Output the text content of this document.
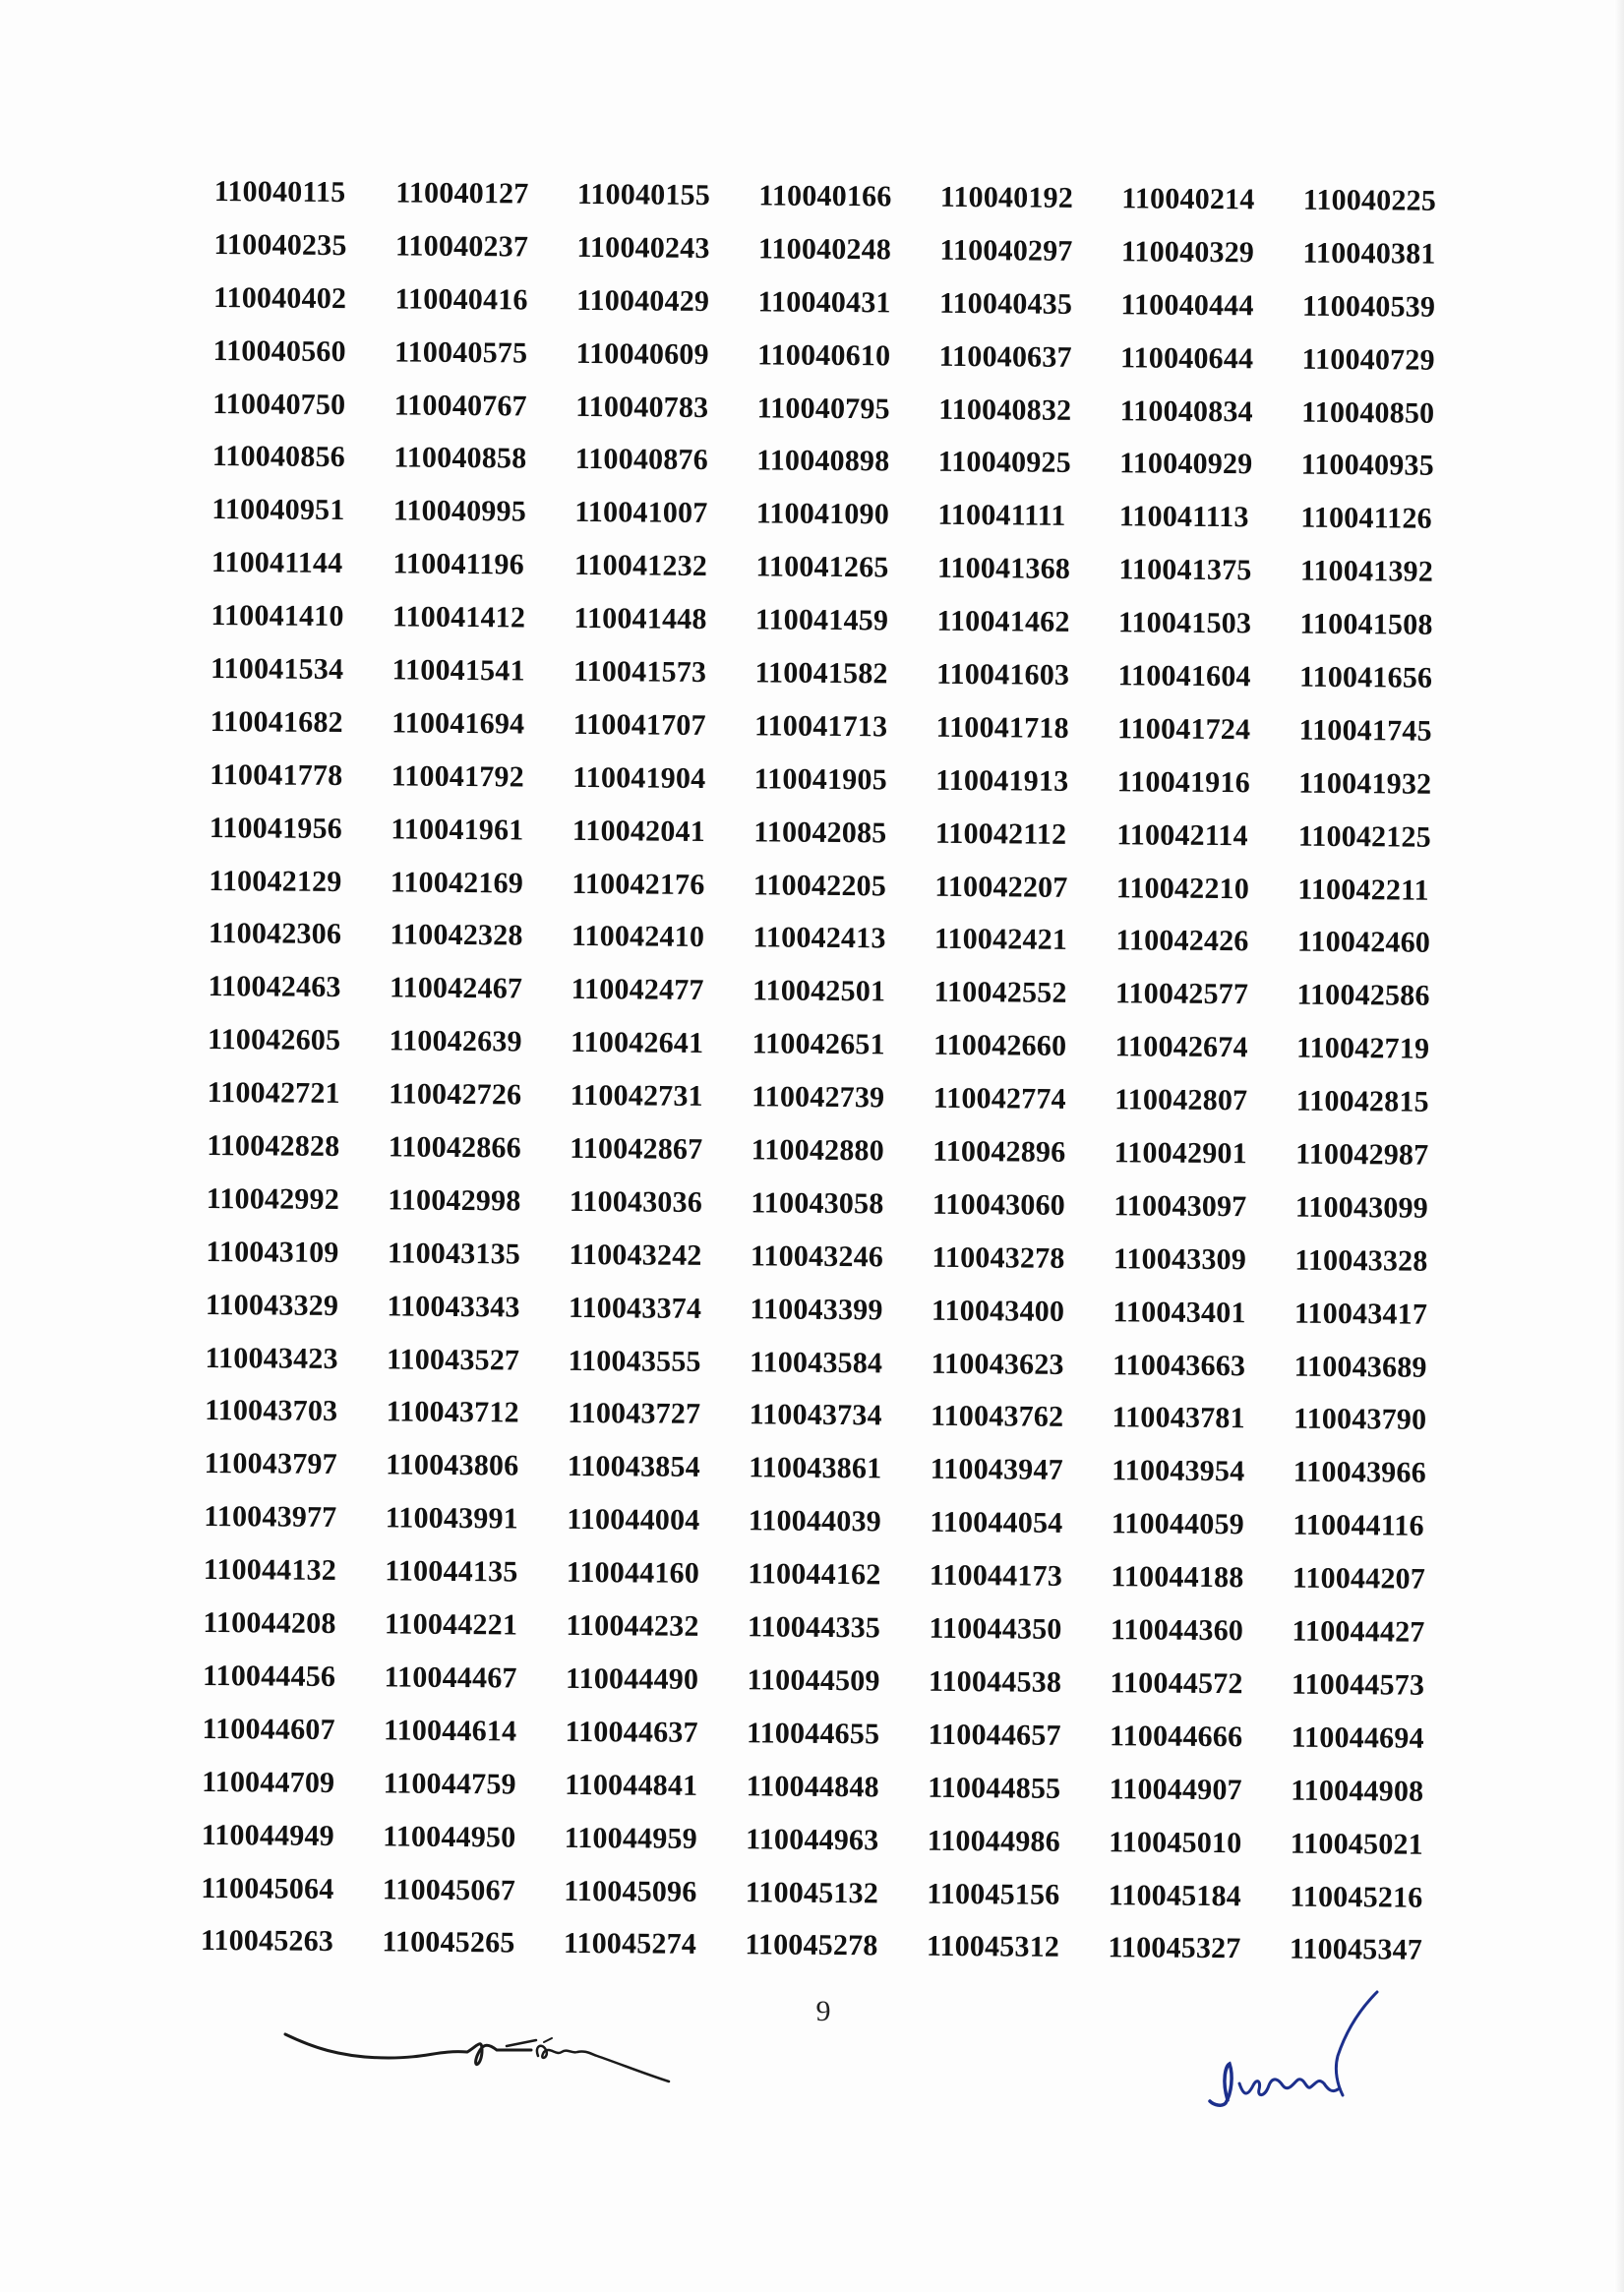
110040115	110040127	110040155	110040166	110040192	110040214	110040225
110040235	110040237	110040243	110040248	110040297	110040329	110040381
110040402	110040416	110040429	110040431	110040435	110040444	110040539
110040560	110040575	110040609	110040610	110040637	110040644	110040729
110040750	110040767	110040783	110040795	110040832	110040834	110040850
110040856	110040858	110040876	110040898	110040925	110040929	110040935
110040951	110040995	110041007	110041090	110041111	110041113	110041126
110041144	110041196	110041232	110041265	110041368	110041375	110041392
110041410	110041412	110041448	110041459	110041462	110041503	110041508
110041534	110041541	110041573	110041582	110041603	110041604	110041656
110041682	110041694	110041707	110041713	110041718	110041724	110041745
110041778	110041792	110041904	110041905	110041913	110041916	110041932
110041956	110041961	110042041	110042085	110042112	110042114	110042125
110042129	110042169	110042176	110042205	110042207	110042210	110042211
110042306	110042328	110042410	110042413	110042421	110042426	110042460
110042463	110042467	110042477	110042501	110042552	110042577	110042586
110042605	110042639	110042641	110042651	110042660	110042674	110042719
110042721	110042726	110042731	110042739	110042774	110042807	110042815
110042828	110042866	110042867	110042880	110042896	110042901	110042987
110042992	110042998	110043036	110043058	110043060	110043097	110043099
110043109	110043135	110043242	110043246	110043278	110043309	110043328
110043329	110043343	110043374	110043399	110043400	110043401	110043417
110043423	110043527	110043555	110043584	110043623	110043663	110043689
110043703	110043712	110043727	110043734	110043762	110043781	110043790
110043797	110043806	110043854	110043861	110043947	110043954	110043966
110043977	110043991	110044004	110044039	110044054	110044059	110044116
110044132	110044135	110044160	110044162	110044173	110044188	110044207
110044208	110044221	110044232	110044335	110044350	110044360	110044427
110044456	110044467	110044490	110044509	110044538	110044572	110044573
110044607	110044614	110044637	110044655	110044657	110044666	110044694
110044709	110044759	110044841	110044848	110044855	110044907	110044908
110044949	110044950	110044959	110044963	110044986	110045010	110045021
110045064	110045067	110045096	110045132	110045156	110045184	110045216
110045263	110045265	110045274	110045278	110045312	110045327	110045347
9
